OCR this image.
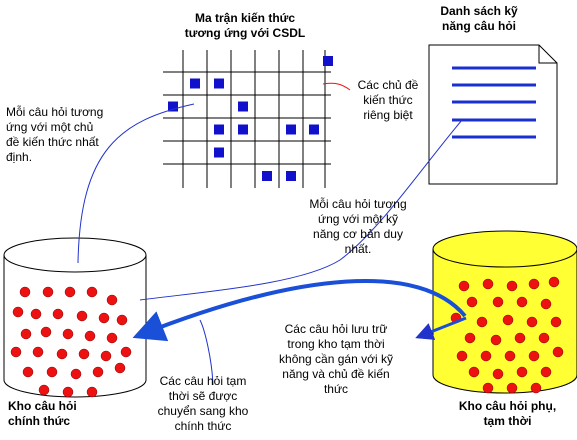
Ma trận kiến thức
tương ứng với CSDL
Danh sách kỹ
năng câu hỏi
Các chủ đề
kiến thức
riêng biệt
Mỗi câu hỏi tương
ứng với một chủ
đề kiến thức nhất
định.
Mỗi câu hỏi tương
ứng với một kỹ
năng cơ bản duy
nhất.
Các câu hỏi lưu trữ
trong kho tạm thời
không cần gán với kỹ
năng và chủ đề kiến
thức
Các câu hỏi tạm
thời sẽ được
chuyển sang kho
chính thức
Kho câu hỏi
chính thức
Kho câu hỏi phụ,
tạm thời
